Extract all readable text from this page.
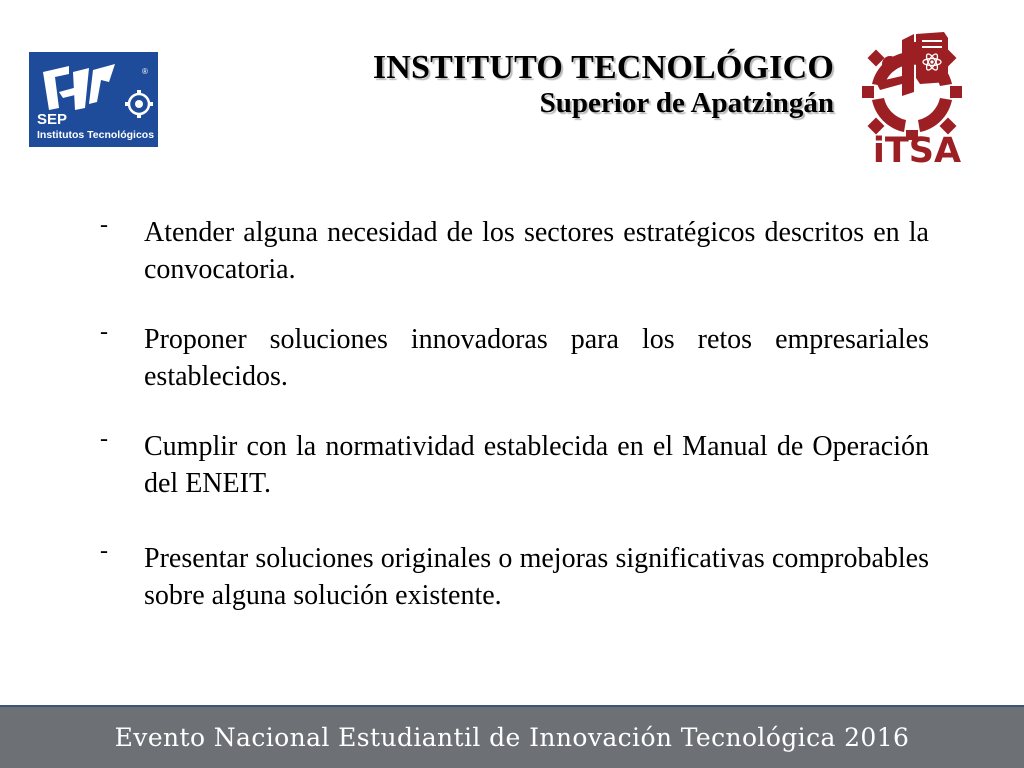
®
SEP
Institutos Tecnológicos
INSTITUTO TECNOLÓGICO
Superior de Apatzingán
iTSA
- Atender alguna necesidad de los sectores estratégicos descritos en la convocatoria.
- Proponer soluciones innovadoras para los retos empresariales establecidos.
- Cumplir con la normatividad establecida en el Manual de Operación del ENEIT.
- Presentar soluciones originales o mejoras significativas comprobables sobre alguna solución existente.
Evento Nacional Estudiantil de Innovación Tecnológica 2016
